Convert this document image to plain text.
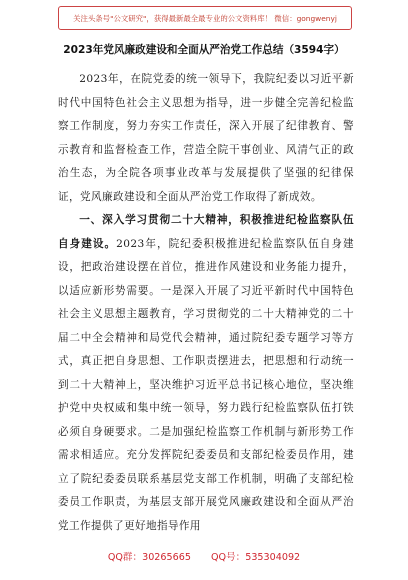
关注头条号"公文研究"，获得最新最全最专业的公文资料库！ 微信：gongwenyj
2023年党风廉政建设和全面从严治党工作总结（3594字）

2023年，在院党委的统一领导下，我院纪委以习近平新时代中国特色社会主义思想为指导，进一步健全完善纪检监察工作制度，努力夯实工作责任，深入开展了纪律教育、警示教育和监督检查工作，营造全院干事创业、风清气正的政治生态，为全院各项事业改革与发展提供了坚强的纪律保证，党风廉政建设和全面从严治党工作取得了新成效。

一、深入学习贯彻二十大精神，积极推进纪检监察队伍自身建设。2023年，院纪委积极推进纪检监察队伍自身建设，把政治建设摆在首位，推进作风建设和业务能力提升，以适应新形势需要。一是深入开展了习近平新时代中国特色社会主义思想主题教育，学习贯彻党的二十大精神党的二十届二中全会精神和局党代会精神，通过院纪委专题学习等方式，真正把自身思想、工作职责摆进去，把思想和行动统一到二十大精神上，坚决维护习近平总书记核心地位，坚决维护党中央权威和集中统一领导，努力践行纪检监察队伍打铁必须自身硬要求。二是加强纪检监察工作机制与新形势工作需求相适应。充分发挥院纪委委员和支部纪检委员作用，建立了院纪委委员联系基层党支部工作机制，明确了支部纪检委员工作职责，为基层支部开展党风廉政建设和全面从严治党工作提供了更好地指导作用

QQ群：30265665 QQ号：535304092
